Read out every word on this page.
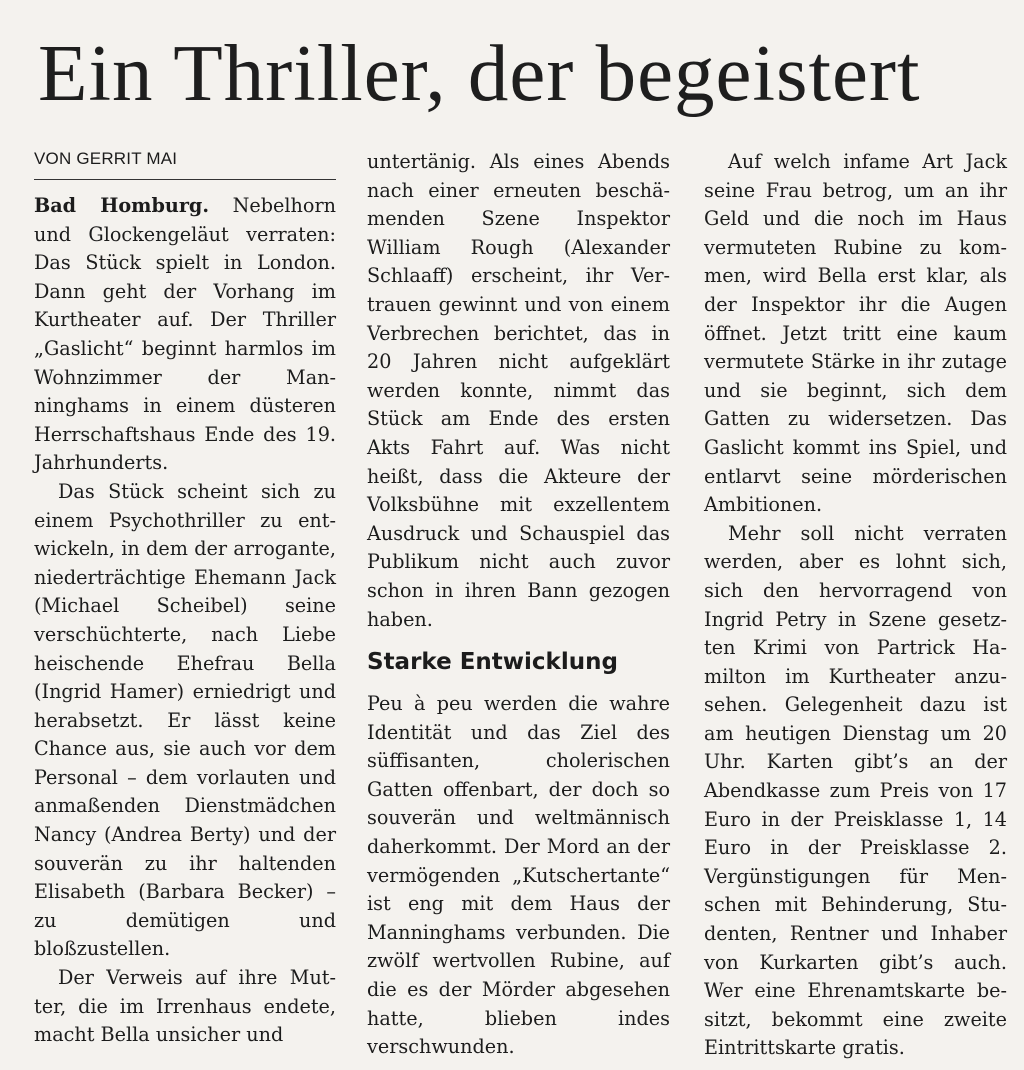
Ein Thriller, der begeistert
VON GERRIT MAI

Bad Homburg. Nebelhorn und Glockengeläut verraten: Das Stück spielt in London. Dann geht der Vorhang im Kurtheater auf. Der Thriller „Gaslicht“ beginnt harmlos im Wohnzimmer der Manninghams in einem düsteren Herrschaftshaus Ende des 19. Jahrhunderts.

Das Stück scheint sich zu einem Psychothriller zu entwickeln, in dem der arrogante, niederträchtige Ehemann Jack (Michael Scheibel) seine verschüchterte, nach Liebe heischende Ehefrau Bella (Ingrid Hamer) erniedrigt und herabsetzt. Er lässt keine Chance aus, sie auch vor dem Personal – dem vorlauten und anmaßenden Dienstmädchen Nancy (Andrea Berty) und der souverän zu ihr haltenden Elisabeth (Barbara Becker) – zu demütigen und bloßzustellen.

Der Verweis auf ihre Mutter, die im Irrenhaus endete, macht Bella unsicher und

untertänig. Als eines Abends nach einer erneuten beschämenden Szene Inspektor William Rough (Alexander Schlaaff) erscheint, ihr Vertrauen gewinnt und von einem Verbrechen berichtet, das in 20 Jahren nicht aufgeklärt werden konnte, nimmt das Stück am Ende des ersten Akts Fahrt auf. Was nicht heißt, dass die Akteure der Volksbühne mit exzellentem Ausdruck und Schauspiel das Publikum nicht auch zuvor schon in ihren Bann gezogen haben.

Starke Entwicklung

Peu à peu werden die wahre Identität und das Ziel des süffisanten, cholerischen Gatten offenbart, der doch so souverän und weltmännisch daherkommt. Der Mord an der vermögenden „Kutschertante“ ist eng mit dem Haus der Manninghams verbunden. Die zwölf wertvollen Rubine, auf die es der Mörder abgesehen hatte, blieben indes verschwunden.

Auf welch infame Art Jack seine Frau betrog, um an ihr Geld und die noch im Haus vermuteten Rubine zu kommen, wird Bella erst klar, als der Inspektor ihr die Augen öffnet. Jetzt tritt eine kaum vermutete Stärke in ihr zutage und sie beginnt, sich dem Gatten zu widersetzen. Das Gaslicht kommt ins Spiel, und entlarvt seine mörderischen Ambitionen.

Mehr soll nicht verraten werden, aber es lohnt sich, sich den hervorragend von Ingrid Petry in Szene gesetzten Krimi von Partrick Hamilton im Kurtheater anzusehen. Gelegenheit dazu ist am heutigen Dienstag um 20 Uhr. Karten gibt’s an der Abendkasse zum Preis von 17 Euro in der Preisklasse 1, 14 Euro in der Preisklasse 2. Vergünstigungen für Menschen mit Behinderung, Studenten, Rentner und Inhaber von Kurkarten gibt’s auch. Wer eine Ehrenamtskarte besitzt, bekommt eine zweite Eintrittskarte gratis.
